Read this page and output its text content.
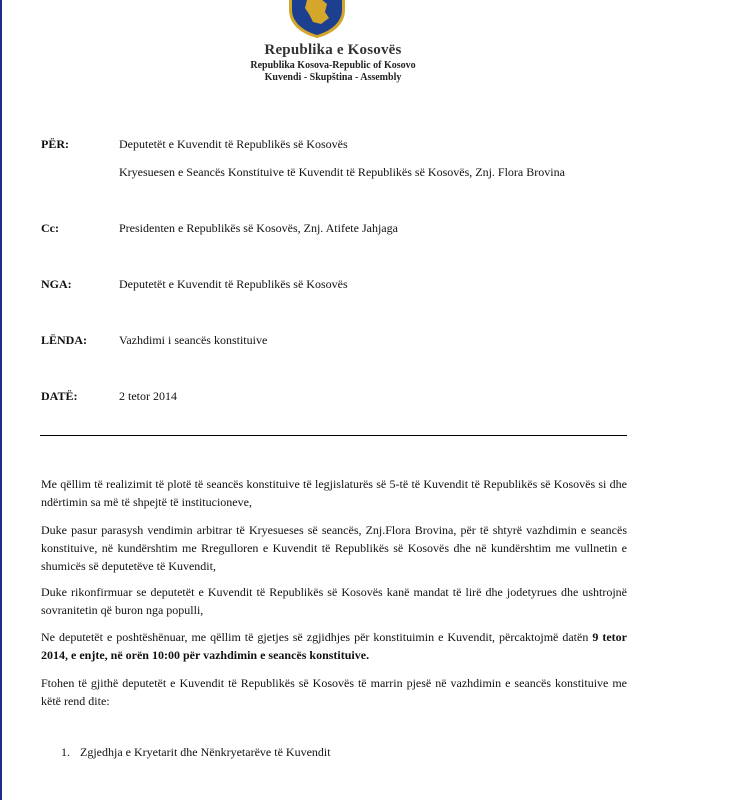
Republika e Kosovës
Republika Kosova-Republic of Kosovo
Kuvendi - Skupština - Assembly
PËR:	Deputetët e Kuvendit të Republikës së Kosovës
Kryesuesen e Seancës Konstituive të Kuvendit të Republikës së Kosovës, Znj. Flora Brovina
Cc:	Presidenten e Republikës së Kosovës, Znj. Atifete Jahjaga
NGA:	Deputetët e Kuvendit të Republikës së Kosovës
LËNDA:	Vazhdimi i seancës konstituive
DATË:	2 tetor 2014
Me qëllim të realizimit të plotë të seancës konstituive të legjislaturës së 5-të të Kuvendit të Republikës së Kosovës si dhe ndërtimin sa më të shpejtë të institucioneve,
Duke pasur parasysh vendimin arbitrar të Kryesueses së seancës, Znj.Flora Brovina, për të shtyrë vazhdimin e seancës konstituive, në kundërshtim me Rregulloren e Kuvendit të Republikës së Kosovës dhe në kundërshtim me vullnetin e shumicës së deputetëve të Kuvendit,
Duke rikonfirmuar se deputetët e Kuvendit të Republikës së Kosovës kanë mandat të lirë dhe jodetyrues dhe ushtrojnë sovranitetin që buron nga populli,
Ne deputetët e poshtëshënuar, me qëllim të gjetjes së zgjidhjes për konstituimin e Kuvendit, përcaktojmë datën 9 tetor 2014, e enjte, në orën 10:00 për vazhdimin e seancës konstituive.
Ftohen të gjithë deputetët e Kuvendit të Republikës së Kosovës të marrin pjesë në vazhdimin e seancës konstituive me këtë rend dite:
1. Zgjedhja e Kryetarit dhe Nënkryetarëve të Kuvendit
